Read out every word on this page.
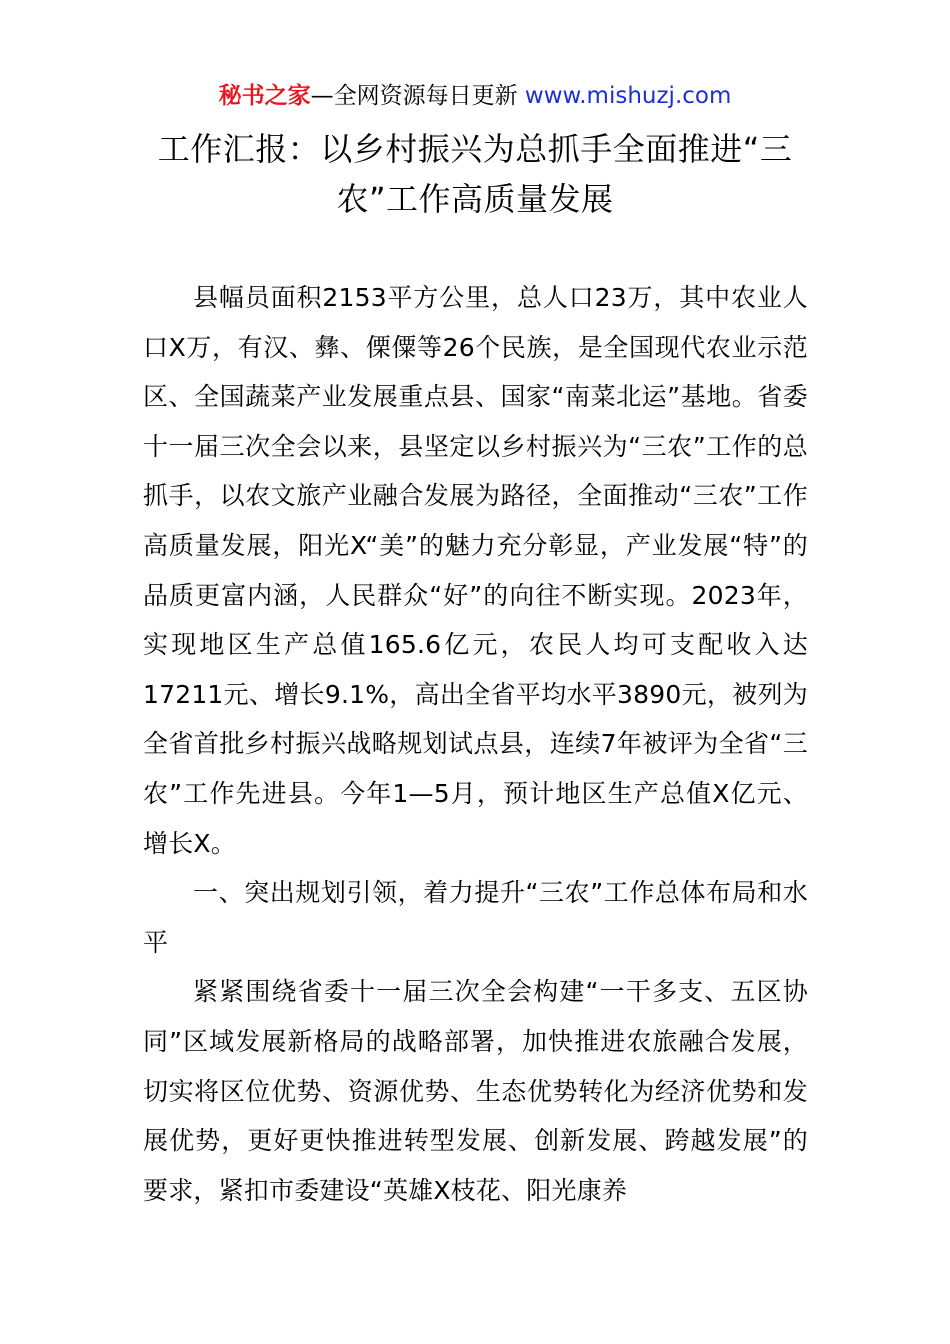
秘书之家—全网资源每日更新 www.mishuzj.com
工作汇报：以乡村振兴为总抓手全面推进“三农”工作高质量发展

县幅员面积2153平方公里，总人口23万，其中农业人口X万，有汉、彝、傈僳等26个民族，是全国现代农业示范区、全国蔬菜产业发展重点县、国家“南菜北运”基地。省委十一届三次全会以来，县坚定以乡村振兴为“三农”工作的总抓手，以农文旅产业融合发展为路径，全面推动“三农”工作高质量发展，阳光X“美”的魅力充分彰显，产业发展“特”的品质更富内涵，人民群众“好”的向往不断实现。2023年，实现地区生产总值165.6亿元，农民人均可支配收入达17211元、增长9.1%，高出全省平均水平3890元，被列为全省首批乡村振兴战略规划试点县，连续7年被评为全省“三农”工作先进县。今年1—5月，预计地区生产总值X亿元、增长X。

一、突出规划引领，着力提升“三农”工作总体布局和水平

紧紧围绕省委十一届三次全会构建“一干多支、五区协同”区域发展新格局的战略部署，加快推进农旅融合发展，切实将区位优势、资源优势、生态优势转化为经济优势和发展优势，更好更快推进转型发展、创新发展、跨越发展”的要求，紧扣市委建设“英雄X枝花、阳光康养
